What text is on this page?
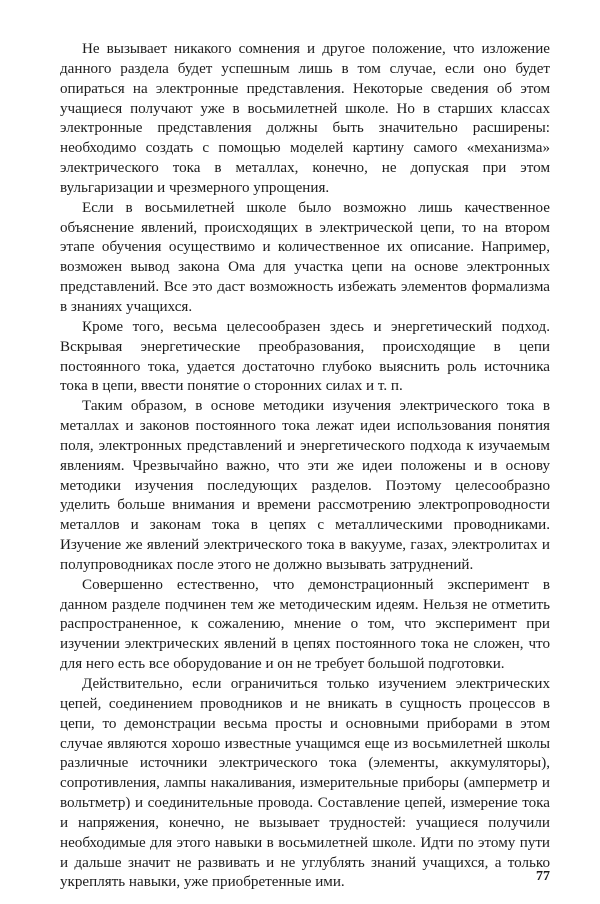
Не вызывает никакого сомнения и другое положение, что изложение данного раздела будет успешным лишь в том случае, если оно будет опираться на электронные представления. Некоторые сведения об этом учащиеся получают уже в восьмилетней школе. Но в старших классах электронные представления должны быть значительно расширены: необходимо создать с помощью моделей картину самого «механизма» электрического тока в металлах, конечно, не допуская при этом вульгаризации и чрезмерного упрощения.

Если в восьмилетней школе было возможно лишь качественное объяснение явлений, происходящих в электрической цепи, то на втором этапе обучения осуществимо и количественное их описание. Например, возможен вывод закона Ома для участка цепи на основе электронных представлений. Все это даст возможность избежать элементов формализма в знаниях учащихся.

Кроме того, весьма целесообразен здесь и энергетический подход. Вскрывая энергетические преобразования, происходящие в цепи постоянного тока, удается достаточно глубоко выяснить роль источника тока в цепи, ввести понятие о сторонних силах и т. п.

Таким образом, в основе методики изучения электрического тока в металлах и законов постоянного тока лежат идеи использования понятия поля, электронных представлений и энергетического подхода к изучаемым явлениям. Чрезвычайно важно, что эти же идеи положены и в основу методики изучения последующих разделов. Поэтому целесообразно уделить больше внимания и времени рассмотрению электропроводности металлов и законам тока в цепях с металлическими проводниками. Изучение же явлений электрического тока в вакууме, газах, электролитах и полупроводниках после этого не должно вызывать затруднений.

Совершенно естественно, что демонстрационный эксперимент в данном разделе подчинен тем же методическим идеям. Нельзя не отметить распространенное, к сожалению, мнение о том, что эксперимент при изучении электрических явлений в цепях постоянного тока не сложен, что для него есть все оборудование и он не требует большой подготовки.

Действительно, если ограничиться только изучением электрических цепей, соединением проводников и не вникать в сущность процессов в цепи, то демонстрации весьма просты и основными приборами в этом случае являются хорошо известные учащимся еще из восьмилетней школы различные источники электрического тока (элементы, аккумуляторы), сопротивления, лампы накаливания, измерительные приборы (амперметр и вольтметр) и соединительные провода. Составление цепей, измерение тока и напряжения, конечно, не вызывает трудностей: учащиеся получили необходимые для этого навыки в восьмилетней школе. Идти по этому пути и дальше значит не развивать и не углублять знаний учащихся, а только укреплять навыки, уже приобретенные ими.	77
